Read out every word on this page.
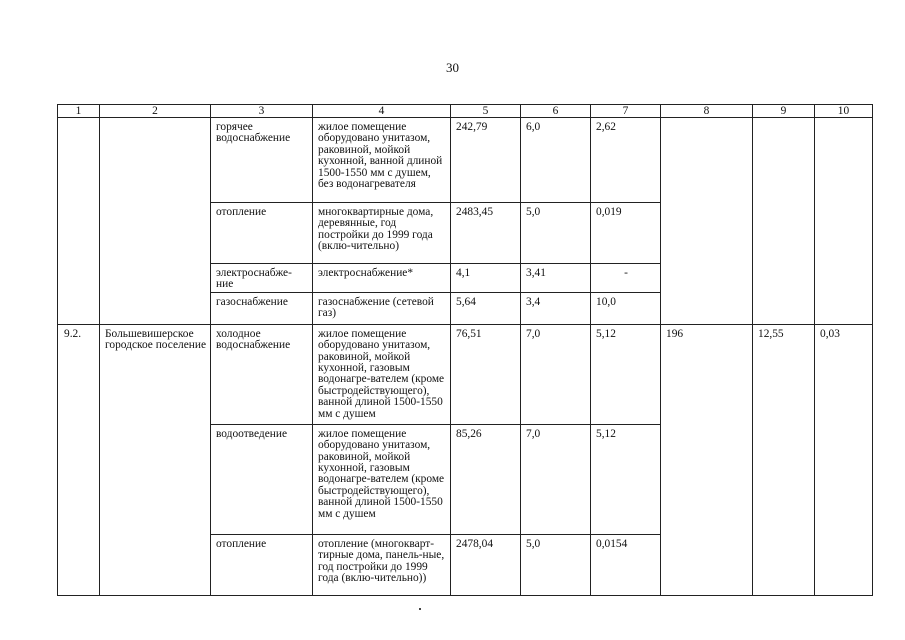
30
1	2	3	4	5	6	7	8	9	10
		горячее водоснабжение	жилое помещение оборудовано унитазом, раковиной, мойкой кухонной, ванной длиной 1500-1550 мм с душем, без водонагревателя	242,79	6,0	2,62			
		отопление	многоквартирные дома, деревянные, год постройки до 1999 года (вклю-чительно)	2483,45	5,0	0,019			
		электроснабже-ние	электроснабжение*	4,1	3,41	-			
		газоснабжение	газоснабжение (сетевой газ)	5,64	3,4	10,0			
9.2.	Большевишерское городское поселение	холодное водоснабжение	жилое помещение оборудовано унитазом, раковиной, мойкой кухонной, газовым водонагре-вателем (кроме быстродействующего), ванной длиной 1500-1550 мм с душем	76,51	7,0	5,12	196	12,55	0,03
		водоотведение	жилое помещение оборудовано унитазом, раковиной, мойкой кухонной, газовым водонагре-вателем (кроме быстродействующего), ванной длиной 1500-1550 мм с душем	85,26	7,0	5,12			
		отопление	отопление (многокварт-тирные дома, панель-ные, год постройки до 1999 года (вклю-чительно))	2478,04	5,0	0,0154			
